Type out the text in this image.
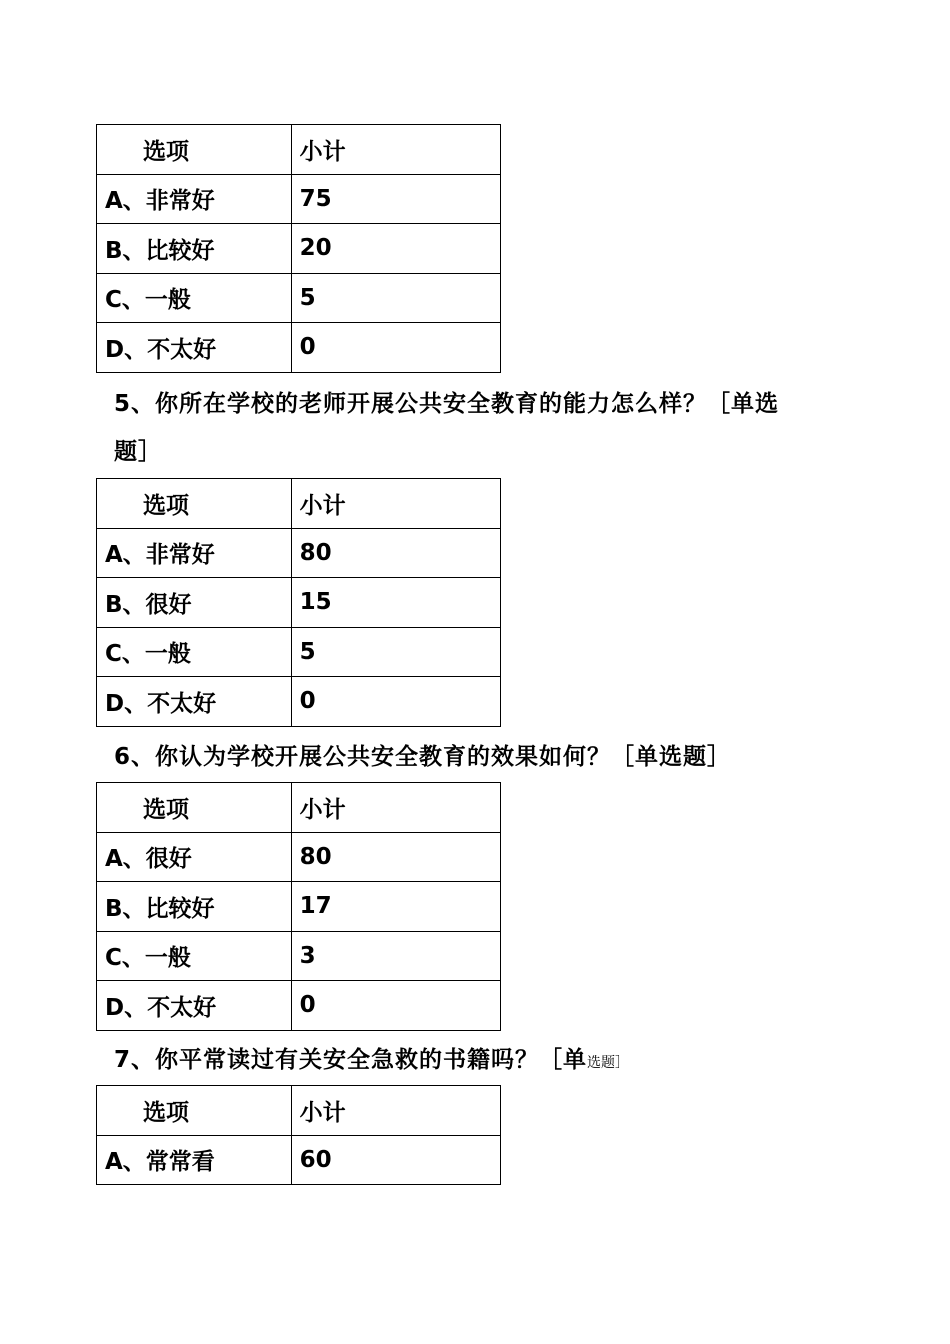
选项	小计
A、非常好	75
B、比较好	20
C、一般	5
D、不太好	0
5、你所在学校的老师开展公共安全教育的能力怎么样？［单选
题］
选项	小计
A、非常好	80
B、很好	15
C、一般	5
D、不太好	0
6、你认为学校开展公共安全教育的效果如何？［单选题］
选项	小计
A、很好	80
B、比较好	17
C、一般	3
D、不太好	0
7、你平常读过有关安全急救的书籍吗？［单选题］
选项	小计
A、常常看	60
